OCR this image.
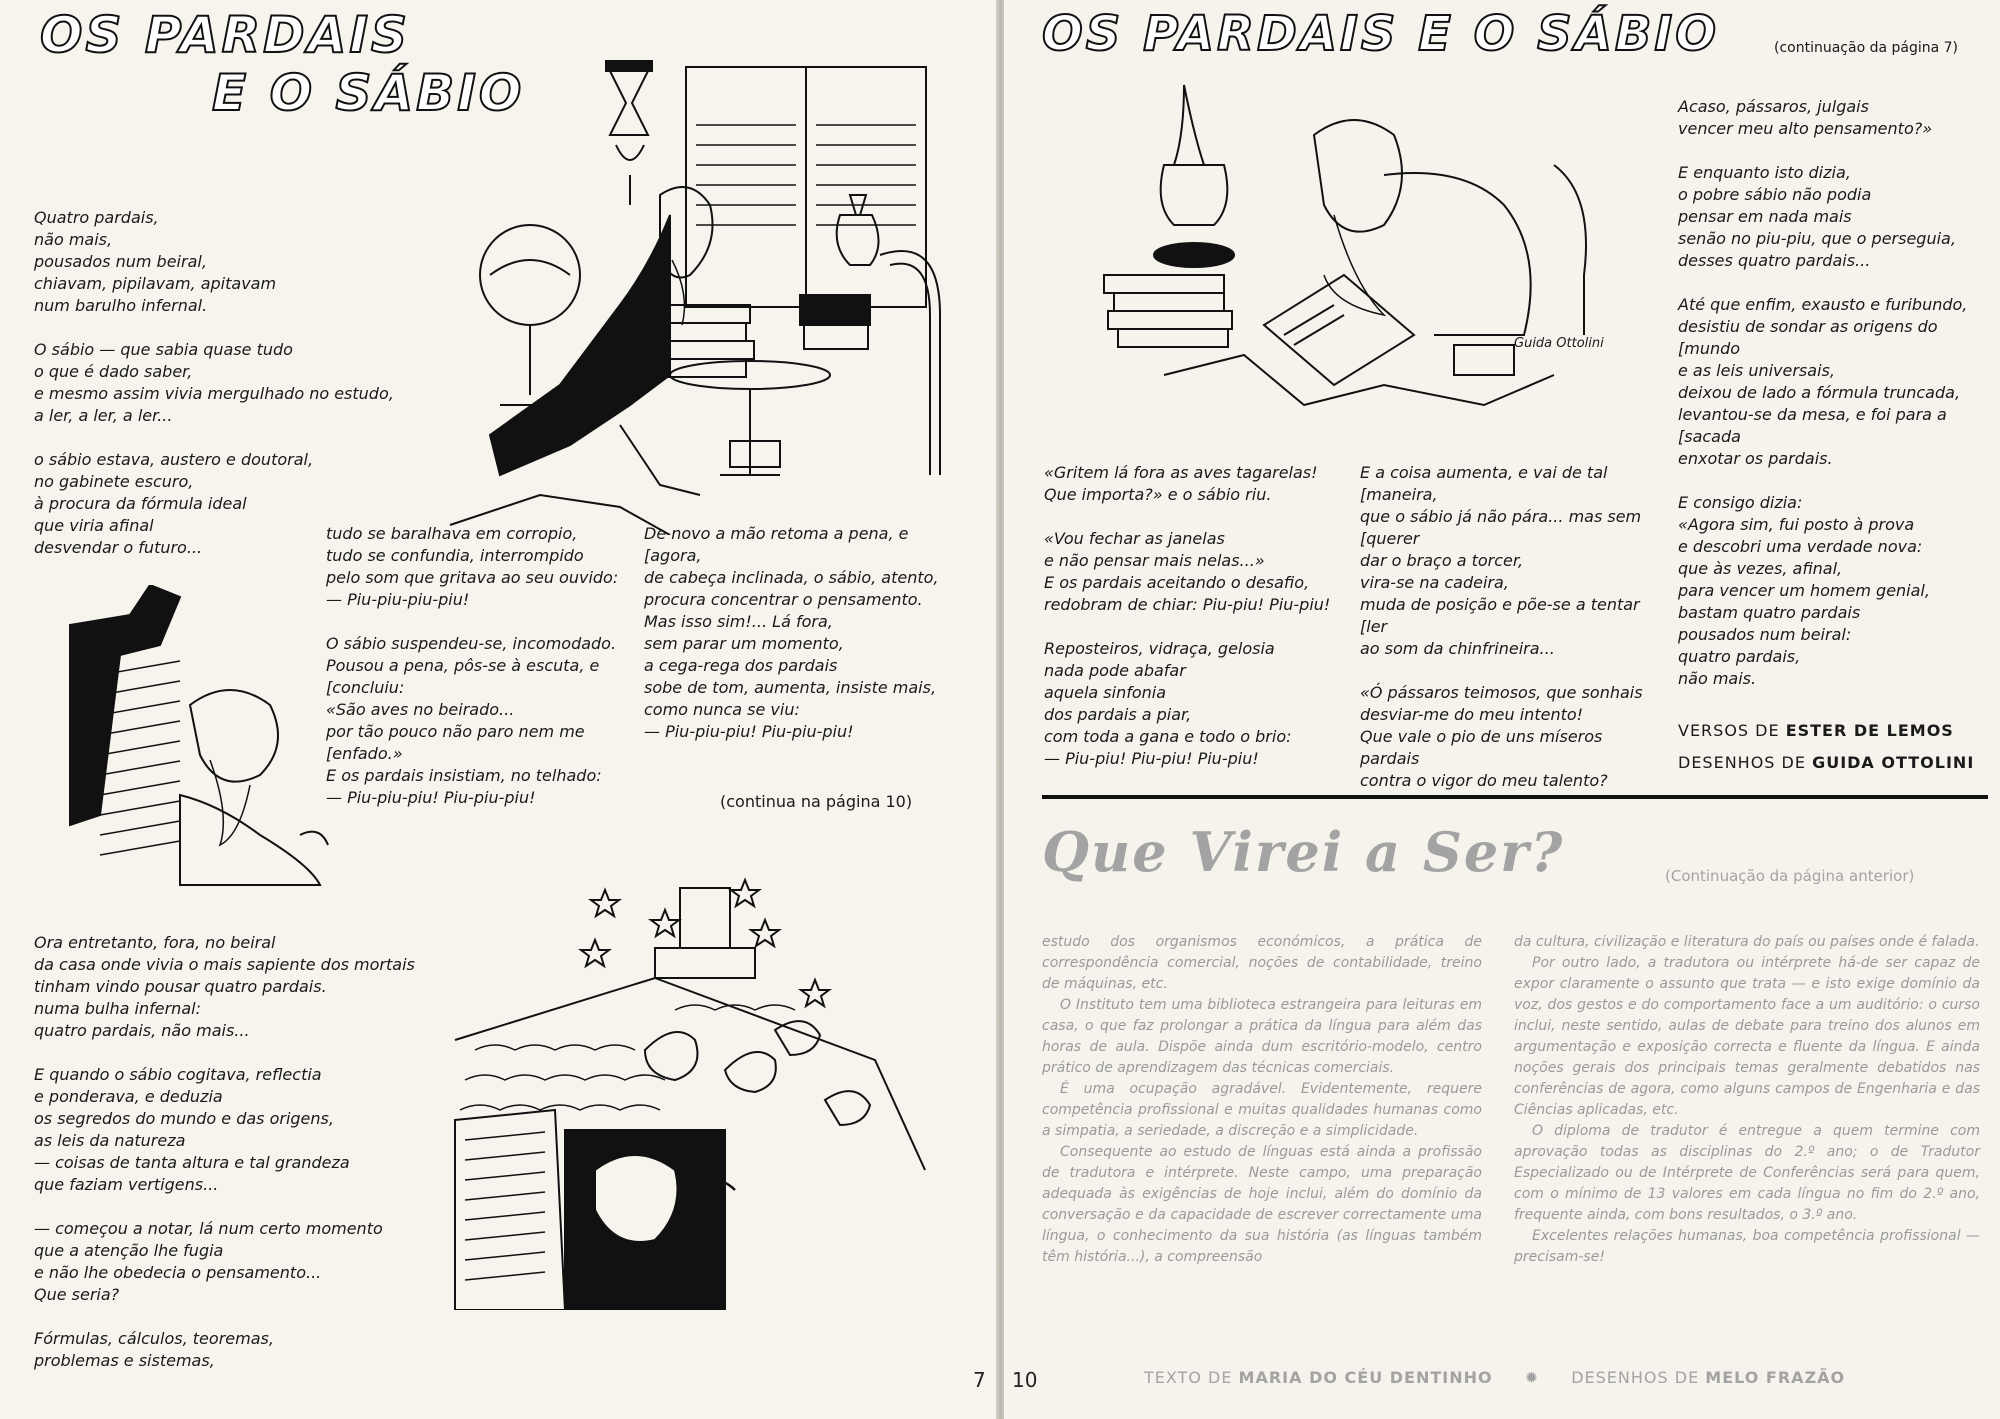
OS PARDAIS
E O SÁBIO

Quatro pardais,
não mais,
pousados num beiral,
chiavam, pipilavam, apitavam
num barulho infernal.

O sábio — que sabia quase tudo
o que é dado saber,
e mesmo assim vivia mergulhado no estudo,
a ler, a ler, a ler...

o sábio estava, austero e doutoral,
no gabinete escuro,
à procura da fórmula ideal
que viria afinal
desvendar o futuro...

tudo se baralhava em corropio,
tudo se confundia, interrompido
pelo som que gritava ao seu ouvido:
— Piu-piu-piu-piu!

O sábio suspendeu-se, incomodado.
Pousou a pena, pôs-se à escuta, e
[concluiu:
«São aves no beirado...
por tão pouco não paro nem me
[enfado.»
E os pardais insistiam, no telhado:
— Piu-piu-piu! Piu-piu-piu!

De novo a mão retoma a pena, e
[agora,
de cabeça inclinada, o sábio, atento,
procura concentrar o pensamento.
Mas isso sim!... Lá fora,
sem parar um momento,
a cega-rega dos pardais
sobe de tom, aumenta, insiste mais,
como nunca se viu:
— Piu-piu-piu! Piu-piu-piu!

(continua na página 10)

Ora entretanto, fora, no beiral
da casa onde vivia o mais sapiente dos mortais
tinham vindo pousar quatro pardais.
numa bulha infernal:
quatro pardais, não mais...

E quando o sábio cogitava, reflectia
e ponderava, e deduzia
os segredos do mundo e das origens,
as leis da natureza
— coisas de tanta altura e tal grandeza
que faziam vertigens...

— começou a notar, lá num certo momento
que a atenção lhe fugia
e não lhe obedecia o pensamento...
Que seria?

Fórmulas, cálculos, teoremas,
problemas e sistemas,

7
OS PARDAIS E O SÁBIO	(continuação da página 7)
Guida Ottolini

Acaso, pássaros, julgais
vencer meu alto pensamento?»

E enquanto isto dizia,
o pobre sábio não podia
pensar em nada mais
senão no piu-piu, que o perseguia,
desses quatro pardais...

Até que enfim, exausto e furibundo,
desistiu de sondar as origens do
[mundo
e as leis universais,
deixou de lado a fórmula truncada,
levantou-se da mesa, e foi para a
[sacada
enxotar os pardais.

E consigo dizia:
«Agora sim, fui posto à prova
e descobri uma verdade nova:
que às vezes, afinal,
para vencer um homem genial,
bastam quatro pardais
pousados num beiral:
quatro pardais,
não mais.

VERSOS DE ESTER DE LEMOS
DESENHOS DE GUIDA OTTOLINI

«Gritem lá fora as aves tagarelas!
Que importa?» e o sábio riu.

«Vou fechar as janelas
e não pensar mais nelas...»
E os pardais aceitando o desafio,
redobram de chiar: Piu-piu! Piu-piu!

Reposteiros, vidraça, gelosia
nada pode abafar
aquela sinfonia
dos pardais a piar,
com toda a gana e todo o brio:
— Piu-piu! Piu-piu! Piu-piu!

E a coisa aumenta, e vai de tal
[maneira,
que o sábio já não pára... mas sem
[querer
dar o braço a torcer,
vira-se na cadeira,
muda de posição e põe-se a tentar
[ler
ao som da chinfrineira...

«Ó pássaros teimosos, que sonhais
desviar-me do meu intento!
Que vale o pio de uns míseros pardais
contra o vigor do meu talento?

Que Virei a Ser?	(Continuação da página anterior)

estudo dos organismos económicos, a prática de correspondência comercial, noções de contabilidade, treino de máquinas, etc.

O Instituto tem uma biblioteca estrangeira para leituras em casa, o que faz prolongar a prática da língua para além das horas de aula. Dispõe ainda dum escritório-modelo, centro prático de aprendizagem das técnicas comerciais.

É uma ocupação agradável. Evidentemente, requere competência profissional e muitas qualidades humanas como a simpatia, a seriedade, a discreção e a simplicidade.

Consequente ao estudo de línguas está ainda a profissão de tradutora e intérprete. Neste campo, uma preparação adequada às exigências de hoje inclui, além do domínio da conversação e da capacidade de escrever correctamente uma língua, o conhecimento da sua história (as línguas também têm história...), a compreensão

da cultura, civilização e literatura do país ou países onde é falada.

Por outro lado, a tradutora ou intérprete há-de ser capaz de expor claramente o assunto que trata — e isto exige domínio da voz, dos gestos e do comportamento face a um auditório: o curso inclui, neste sentido, aulas de debate para treino dos alunos em argumentação e exposição correcta e fluente da língua. E ainda noções gerais dos principais temas geralmente debatidos nas conferências de agora, como alguns campos de Engenharia e das Ciências aplicadas, etc.

O diploma de tradutor é entregue a quem termine com aprovação todas as disciplinas do 2.º ano; o de Tradutor Especializado ou de Intérprete de Conferências será para quem, com o mínimo de 13 valores em cada língua no fim do 2.º ano, frequente ainda, com bons resultados, o 3.º ano.

Excelentes relações humanas, boa competência profissional — precisam-se!

10	TEXTO DE MARIA DO CÉU DENTINHO ✹ DESENHOS DE MELO FRAZÃO
